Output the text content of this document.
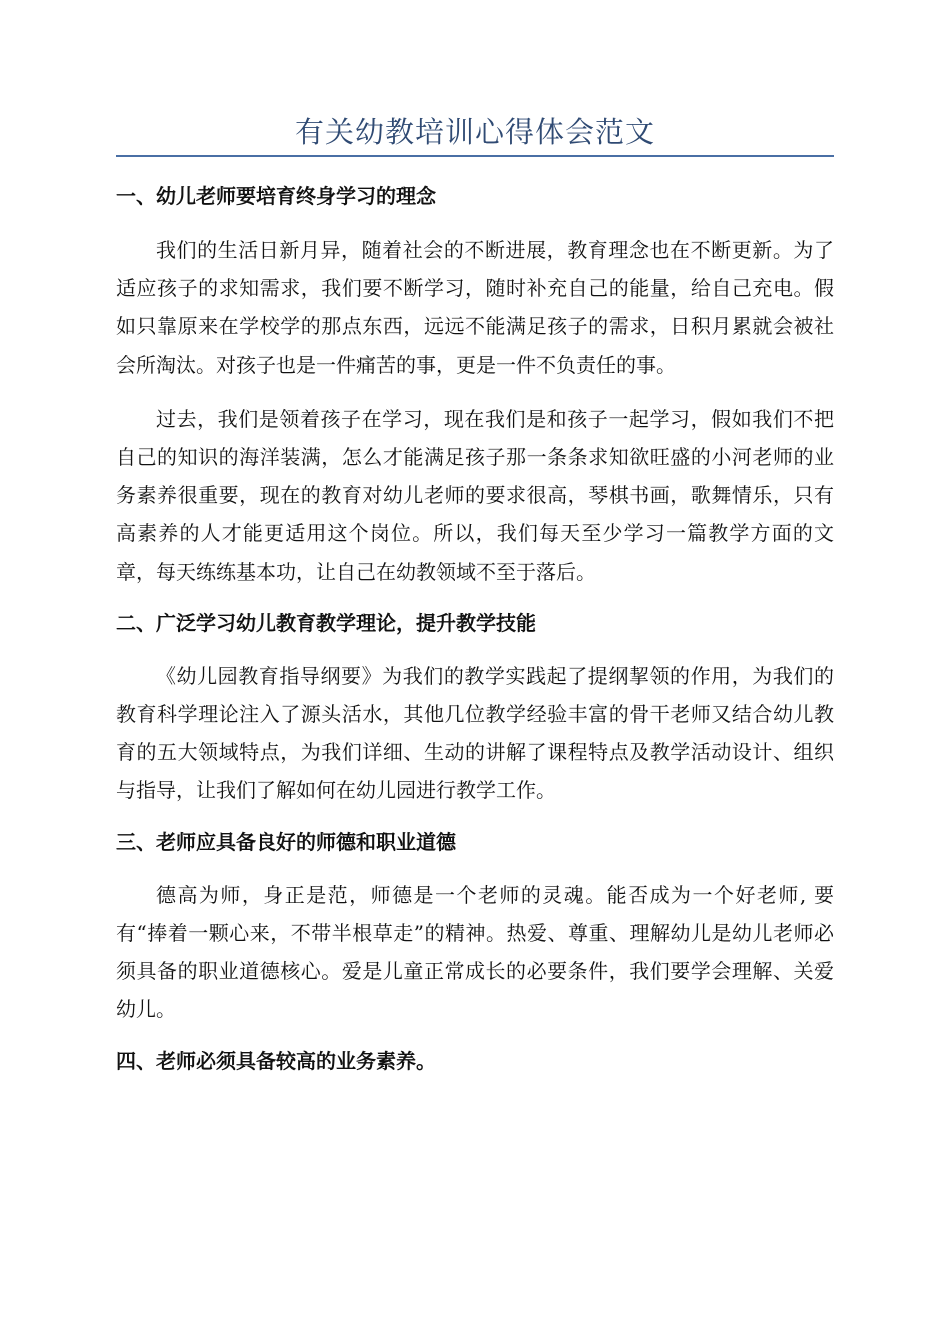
有关幼教培训心得体会范文
一、幼儿老师要培育终身学习的理念

我们的生活日新月异，随着社会的不断进展，教育理念也在不断更新。为了适应孩子的求知需求，我们要不断学习，随时补充自己的能量，给自己充电。假如只靠原来在学校学的那点东西，远远不能满足孩子的需求，日积月累就会被社会所淘汰。对孩子也是一件痛苦的事，更是一件不负责任的事。

过去，我们是领着孩子在学习，现在我们是和孩子一起学习，假如我们不把自己的知识的海洋装满，怎么才能满足孩子那一条条求知欲旺盛的小河老师的业务素养很重要，现在的教育对幼儿老师的要求很高，琴棋书画，歌舞情乐，只有高素养的人才能更适用这个岗位。所以，我们每天至少学习一篇教学方面的文章，每天练练基本功，让自己在幼教领域不至于落后。

二、广泛学习幼儿教育教学理论，提升教学技能

《幼儿园教育指导纲要》为我们的教学实践起了提纲挈领的作用，为我们的教育科学理论注入了源头活水，其他几位教学经验丰富的骨干老师又结合幼儿教育的五大领域特点，为我们详细、生动的讲解了课程特点及教学活动设计、组织与指导，让我们了解如何在幼儿园进行教学工作。

三、老师应具备良好的师德和职业道德

德高为师，身正是范，师德是一个老师的灵魂。能否成为一个好老师, 要有“捧着一颗心来，不带半根草走”的精神。热爱、尊重、理解幼儿是幼儿老师必须具备的职业道德核心。爱是儿童正常成长的必要条件，我们要学会理解、关爱幼儿。

四、老师必须具备较高的业务素养。
